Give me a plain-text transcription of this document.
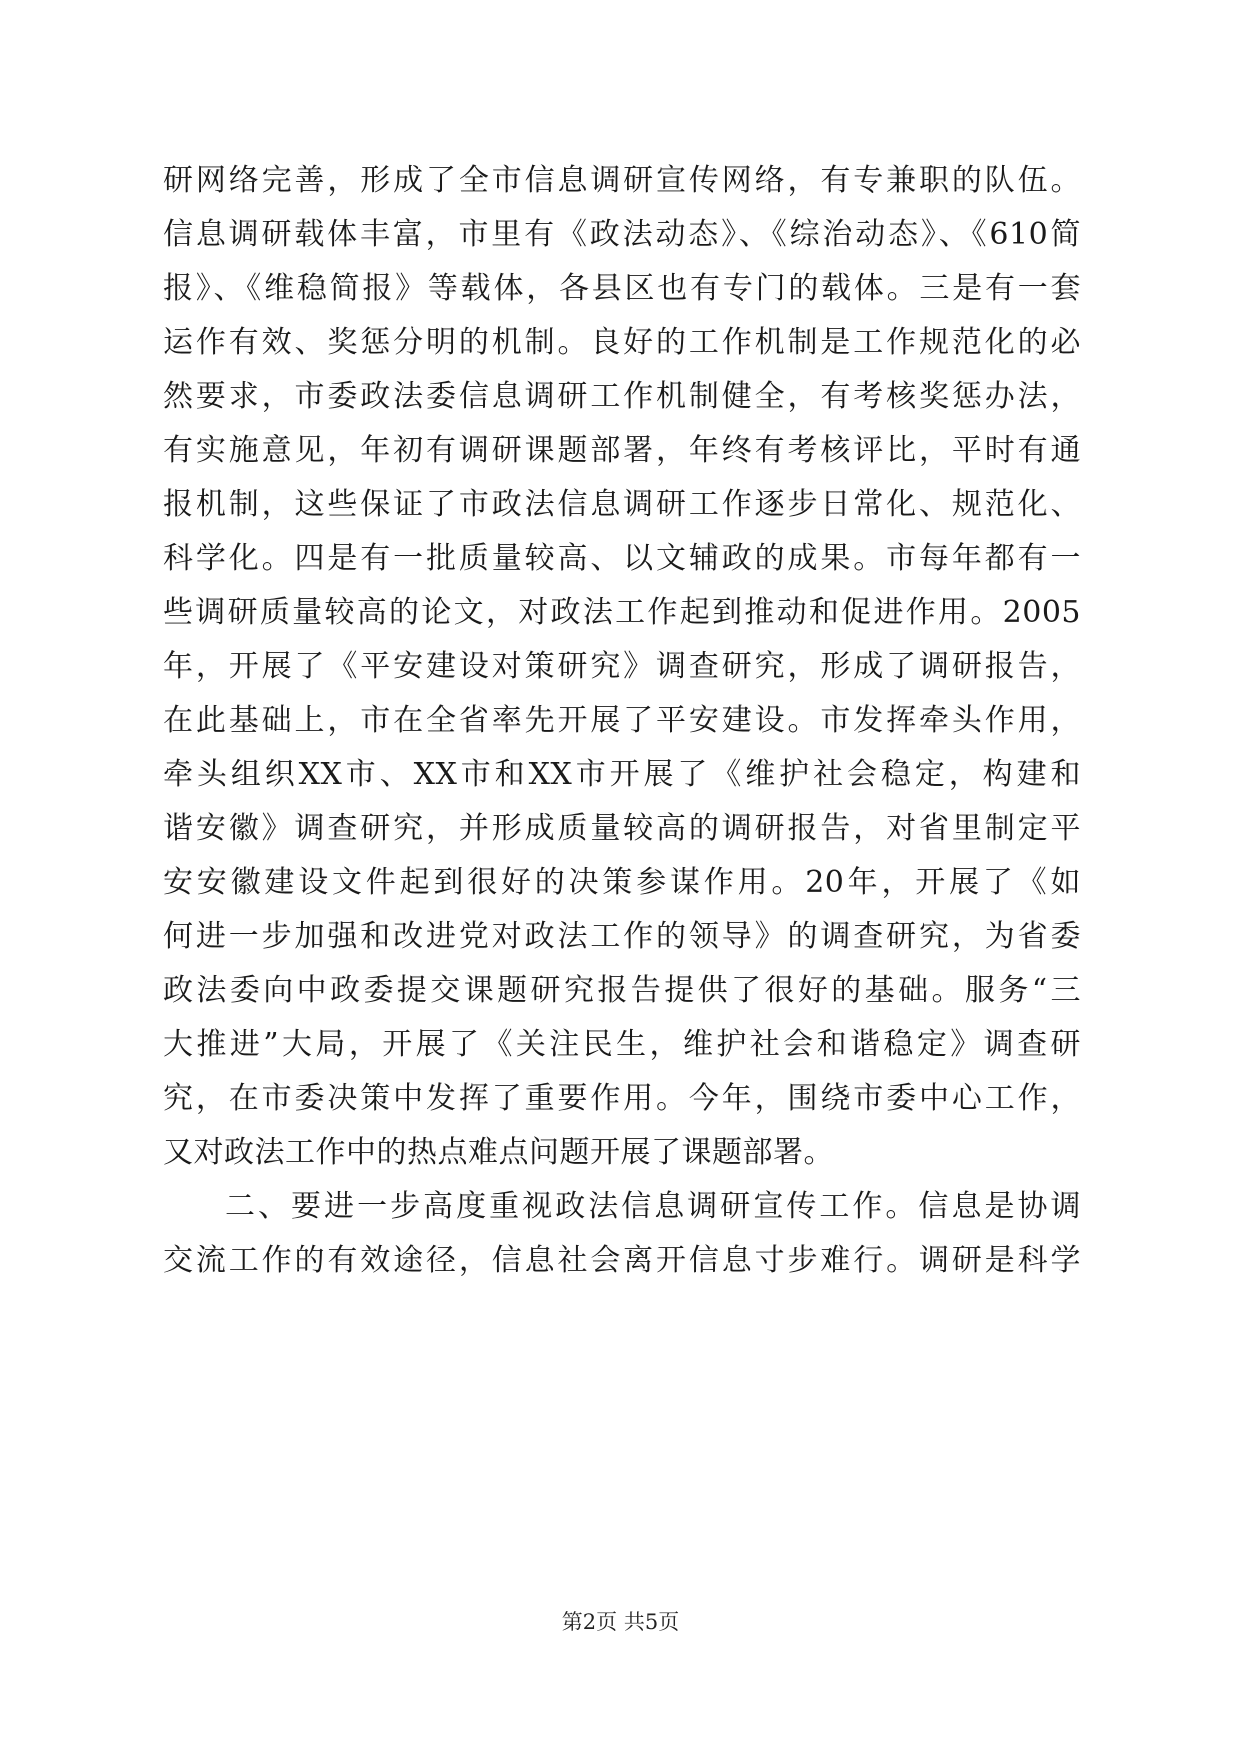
研网络完善，形成了全市信息调研宣传网络，有专兼职的队伍。
信息调研载体丰富，市里有《政法动态》、《综治动态》、《610简
报》、《维稳简报》等载体，各县区也有专门的载体。三是有一套
运作有效、奖惩分明的机制。良好的工作机制是工作规范化的必
然要求，市委政法委信息调研工作机制健全，有考核奖惩办法，
有实施意见，年初有调研课题部署，年终有考核评比，平时有通
报机制，这些保证了市政法信息调研工作逐步日常化、规范化、
科学化。四是有一批质量较高、以文辅政的成果。市每年都有一
些调研质量较高的论文，对政法工作起到推动和促进作用。2005
年，开展了《平安建设对策研究》调查研究，形成了调研报告，
在此基础上，市在全省率先开展了平安建设。市发挥牵头作用，
牵头组织XX市、XX市和XX市开展了《维护社会稳定，构建和
谐安徽》调查研究，并形成质量较高的调研报告，对省里制定平
安安徽建设文件起到很好的决策参谋作用。20年，开展了《如
何进一步加强和改进党对政法工作的领导》的调查研究，为省委
政法委向中政委提交课题研究报告提供了很好的基础。服务“三
大推进”大局，开展了《关注民生，维护社会和谐稳定》调查研
究，在市委决策中发挥了重要作用。今年，围绕市委中心工作，
又对政法工作中的热点难点问题开展了课题部署。
二、要进一步高度重视政法信息调研宣传工作。信息是协调
交流工作的有效途径，信息社会离开信息寸步难行。调研是科学
第2页 共5页
